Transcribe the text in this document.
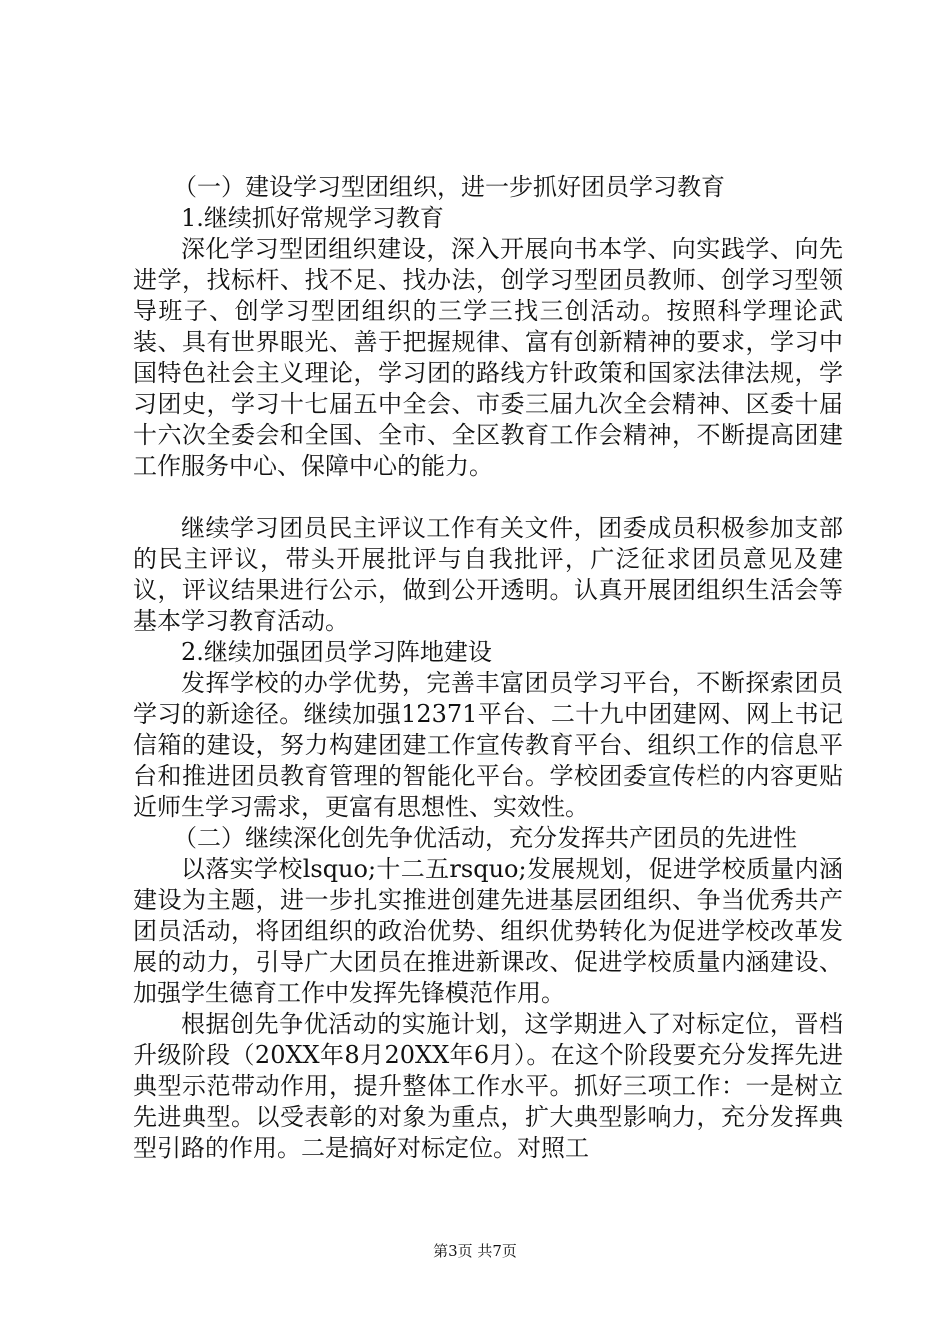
（一）建设学习型团组织，进一步抓好团员学习教育

1.继续抓好常规学习教育

深化学习型团组织建设，深入开展向书本学、向实践学、向先进学，找标杆、找不足、找办法，创学习型团员教师、创学习型领导班子、创学习型团组织的三学三找三创活动。按照科学理论武装、具有世界眼光、善于把握规律、富有创新精神的要求，学习中国特色社会主义理论，学习团的路线方针政策和国家法律法规，学习团史，学习十七届五中全会、市委三届九次全会精神、区委十届十六次全委会和全国、全市、全区教育工作会精神，不断提高团建工作服务中心、保障中心的能力。

继续学习团员民主评议工作有关文件，团委成员积极参加支部的民主评议，带头开展批评与自我批评，广泛征求团员意见及建议，评议结果进行公示，做到公开透明。认真开展团组织生活会等基本学习教育活动。

2.继续加强团员学习阵地建设

发挥学校的办学优势，完善丰富团员学习平台，不断探索团员学习的新途径。继续加强12371平台、二十九中团建网、网上书记信箱的建设，努力构建团建工作宣传教育平台、组织工作的信息平台和推进团员教育管理的智能化平台。学校团委宣传栏的内容更贴近师生学习需求，更富有思想性、实效性。

（二）继续深化创先争优活动，充分发挥共产团员的先进性

以落实学校lsquo;十二五rsquo;发展规划，促进学校质量内涵建设为主题，进一步扎实推进创建先进基层团组织、争当优秀共产团员活动，将团组织的政治优势、组织优势转化为促进学校改革发展的动力，引导广大团员在推进新课改、促进学校质量内涵建设、加强学生德育工作中发挥先锋模范作用。

根据创先争优活动的实施计划，这学期进入了对标定位，晋档升级阶段（20XX年8月20XX年6月）。在这个阶段要充分发挥先进典型示范带动作用，提升整体工作水平。抓好三项工作：一是树立先进典型。以受表彰的对象为重点，扩大典型影响力，充分发挥典型引路的作用。二是搞好对标定位。对照工

第3页 共7页
